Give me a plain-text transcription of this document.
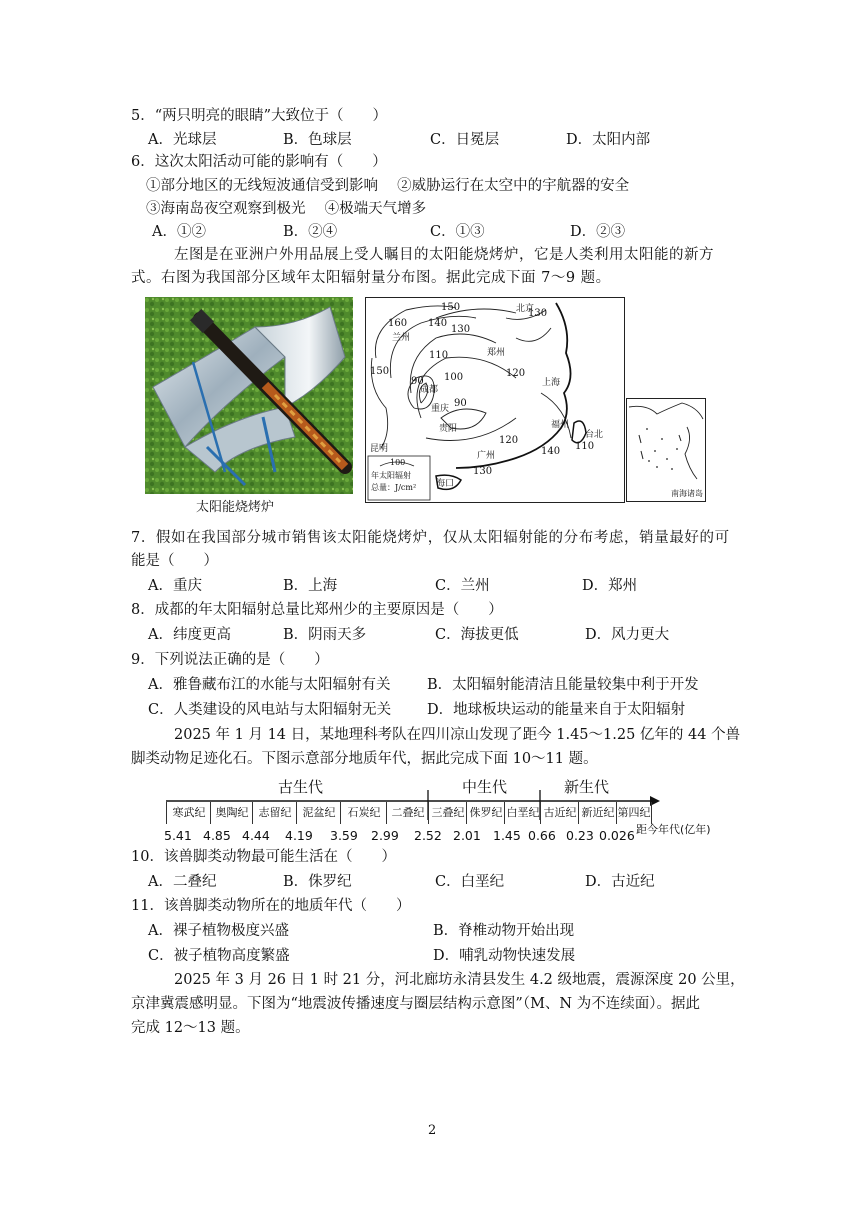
5．“两只明亮的眼睛”大致位于（　　）
A．光球层	B．色球层	C．日冕层	D．太阳内部
6．这次太阳活动可能的影响有（　　）
①部分地区的无线短波通信受到影响　 ②威胁运行在太空中的宇航器的安全
③海南岛夜空观察到极光　 ④极端天气增多
A．①②	B．②④	C．①③	D．②③
左图是在亚洲户外用品展上受人瞩目的太阳能烧烤炉，它是人类利用太阳能的新方
式。右图为我国部分区域年太阳辐射量分布图。据此完成下面 7～9 题。
太阳能烧烤炉
160
150
140
130
150
130
110
100
90
120
90
120
140 110
130
北京
兰州
郑州
成都
重庆
上海
贵阳	福州
台北
昆明
广州
海口
100
年太阳辐射
总量：J/cm²
南海诸岛
7．假如在我国部分城市销售该太阳能烧烤炉，仅从太阳辐射能的分布考虑，销量最好的可
能是（　　）
A．重庆	B．上海	C．兰州	D．郑州
8．成都的年太阳辐射总量比郑州少的主要原因是（　　）
A．纬度更高	B．阴雨天多	C．海拔更低	D．风力更大
9．下列说法正确的是（　　）
A．雅鲁藏布江的水能与太阳辐射有关	B．太阳辐射能清洁且能量较集中利于开发
C．人类建设的风电站与太阳辐射无关 D．地球板块运动的能量来自于太阳辐射
2025 年 1 月 14 日，某地理科考队在四川凉山发现了距今 1.45～1.25 亿年的 44 个兽
脚类动物足迹化石。下图示意部分地质年代，据此完成下面 10～11 题。
古生代	中生代	新生代
寒武纪 奥陶纪 志留纪	泥盆纪	石炭纪	二叠纪 三叠纪 侏罗纪 白垩纪 古近纪 新近纪 第四纪
5.41 4.85 4.44 4.19 3.59 2.99 2.52 2.01 1.45 0.66 0.23 0.026 距今年代(亿年)
10．该兽脚类动物最可能生活在（　　）
A．二叠纪	B．侏罗纪	C．白垩纪	D．古近纪
11．该兽脚类动物所在的地质年代（　　）
A．裸子植物极度兴盛	B．脊椎动物开始出现
C．被子植物高度繁盛	D．哺乳动物快速发展
2025 年 3 月 26 日 1 时 21 分，河北廊坊永清县发生 4.2 级地震，震源深度 20 公里，
京津冀震感明显。下图为“地震波传播速度与圈层结构示意图”（M、N 为不连续面）。据此
完成 12～13 题。
2
